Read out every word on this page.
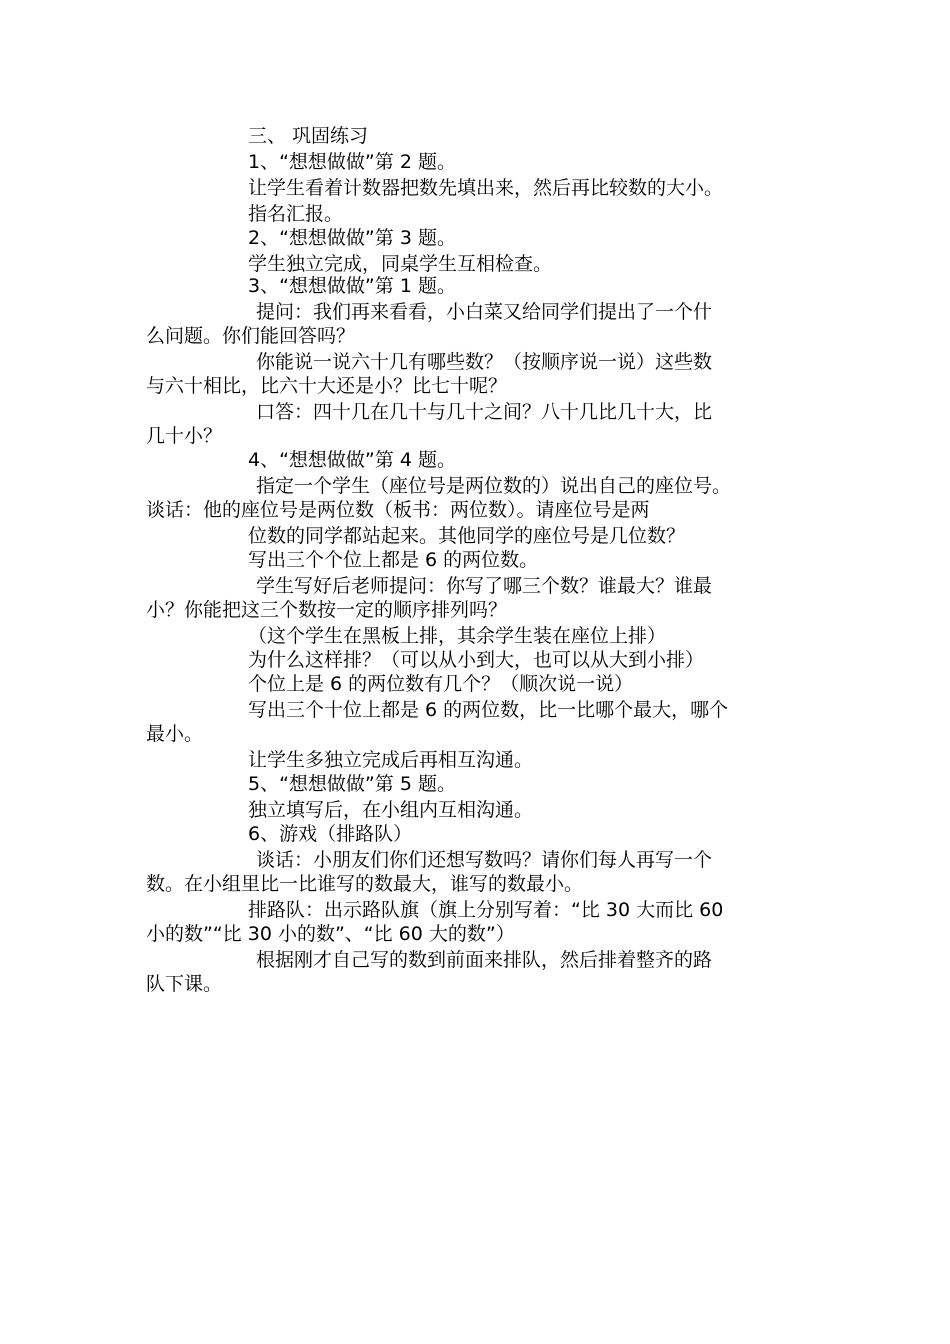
三、 巩固练习
1、“想想做做”第 2 题。
让学生看着计数器把数先填出来，然后再比较数的大小。
指名汇报。
2、“想想做做”第 3 题。
学生独立完成，同桌学生互相检查。
3、“想想做做”第 1 题。
提问：我们再来看看，小白菜又给同学们提出了一个什
么问题。你们能回答吗？
你能说一说六十几有哪些数？（按顺序说一说）这些数
与六十相比，比六十大还是小？比七十呢？
口答：四十几在几十与几十之间？八十几比几十大，比
几十小？
4、“想想做做”第 4 题。
指定一个学生（座位号是两位数的）说出自己的座位号。
谈话：他的座位号是两位数（板书：两位数）。请座位号是两
位数的同学都站起来。其他同学的座位号是几位数？
写出三个个位上都是 6 的两位数。
学生写好后老师提问：你写了哪三个数？谁最大？谁最
小？你能把这三个数按一定的顺序排列吗？
（这个学生在黑板上排，其余学生装在座位上排）
为什么这样排？（可以从小到大，也可以从大到小排）
个位上是 6 的两位数有几个？（顺次说一说）
写出三个十位上都是 6 的两位数，比一比哪个最大，哪个
最小。
让学生多独立完成后再相互沟通。
5、“想想做做”第 5 题。
独立填写后，在小组内互相沟通。
6、游戏（排路队）
谈话：小朋友们你们还想写数吗？请你们每人再写一个
数。在小组里比一比谁写的数最大，谁写的数最小。
排路队：出示路队旗（旗上分别写着：“比 30 大而比 60
小的数”“比 30 小的数”、“比 60 大的数”）
根据刚才自己写的数到前面来排队，然后排着整齐的路
队下课。
